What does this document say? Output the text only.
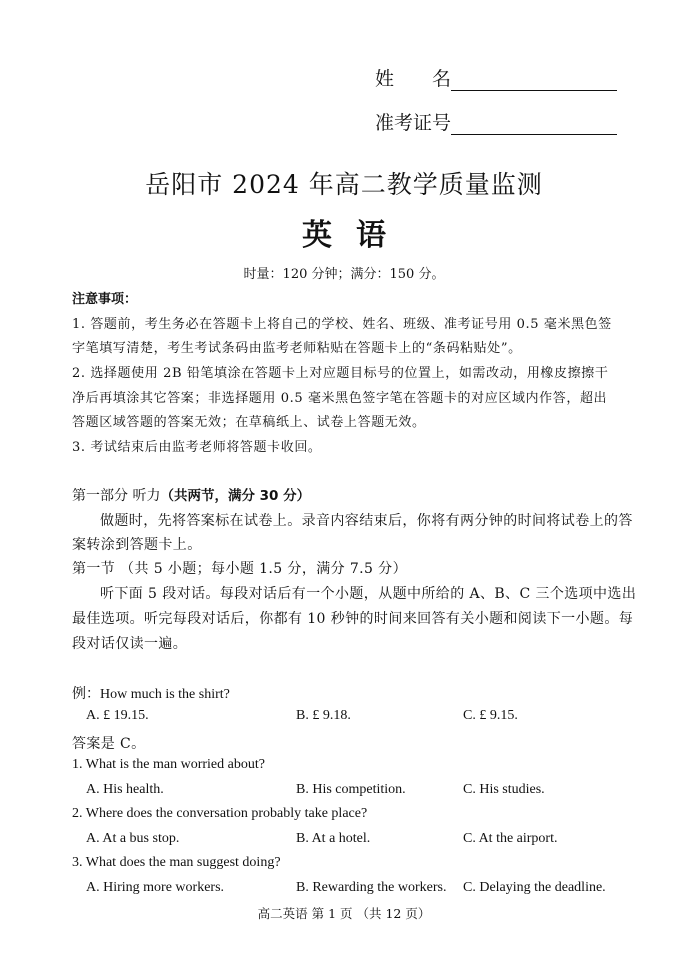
姓　　名
准考证号
岳阳市 2024 年高二教学质量监测
英语
时量：120 分钟；满分：150 分。
注意事项：
1. 答题前，考生务必在答题卡上将自己的学校、姓名、班级、准考证号用 0.5 毫米黑色签
字笔填写清楚，考生考试条码由监考老师粘贴在答题卡上的“条码粘贴处”。
2. 选择题使用 2B 铅笔填涂在答题卡上对应题目标号的位置上，如需改动，用橡皮擦擦干
净后再填涂其它答案；非选择题用 0.5 毫米黑色签字笔在答题卡的对应区域内作答，超出
答题区域答题的答案无效；在草稿纸上、试卷上答题无效。
3. 考试结束后由监考老师将答题卡收回。
第一部分 听力（共两节，满分 30 分）
做题时，先将答案标在试卷上。录音内容结束后，你将有两分钟的时间将试卷上的答
案转涂到答题卡上。
第一节 （共 5 小题；每小题 1.5 分，满分 7.5 分）
听下面 5 段对话。每段对话后有一个小题，从题中所给的 A、B、C 三个选项中选出
最佳选项。听完每段对话后，你都有 10 秒钟的时间来回答有关小题和阅读下一小题。每
段对话仅读一遍。
例：How much is the shirt?
A. £ 19.15.	B. £ 9.18.	C. £ 9.15.
答案是 C。
1. What is the man worried about?
A. His health.	B. His competition.	C. His studies.
2. Where does the conversation probably take place?
A. At a bus stop.	B. At a hotel.	C. At the airport.
3. What does the man suggest doing?
A. Hiring more workers.	B. Rewarding the workers. C. Delaying the deadline.
高二英语 第 1 页 （共 12 页）
